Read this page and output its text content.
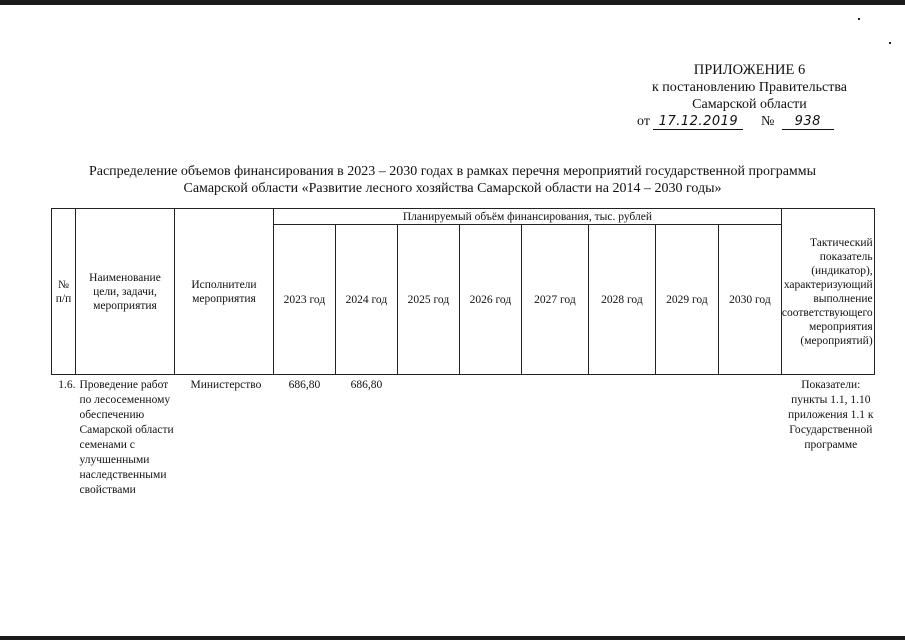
ПРИЛОЖЕНИЕ 6
к постановлению Правительства
Самарской области
от 17.12.2019 № 938
Распределение объемов финансирования в 2023 – 2030 годах в рамках перечня мероприятий государственной программы
Самарской области «Развитие лесного хозяйства Самарской области на 2014 – 2030 годы»
№ п/п	Наименование цели, задачи, мероприятия	Исполнители мероприятия	Планируемый объём финансирования, тыс. рублей								Тактический показатель (индикатор), характеризующий выполнение соответствующего мероприятия (мероприятий)
			2023 год	2024 год	2025 год	2026 год	2027 год	2028 год	2029 год	2030 год	
1.6.	Проведение работ по лесосеменному обеспечению Самарской области семенами с улучшенными наследственными свойствами	Министерство	686,80	686,80							Показатели: пункты 1.1, 1.10 приложения 1.1 к Государственной программе
